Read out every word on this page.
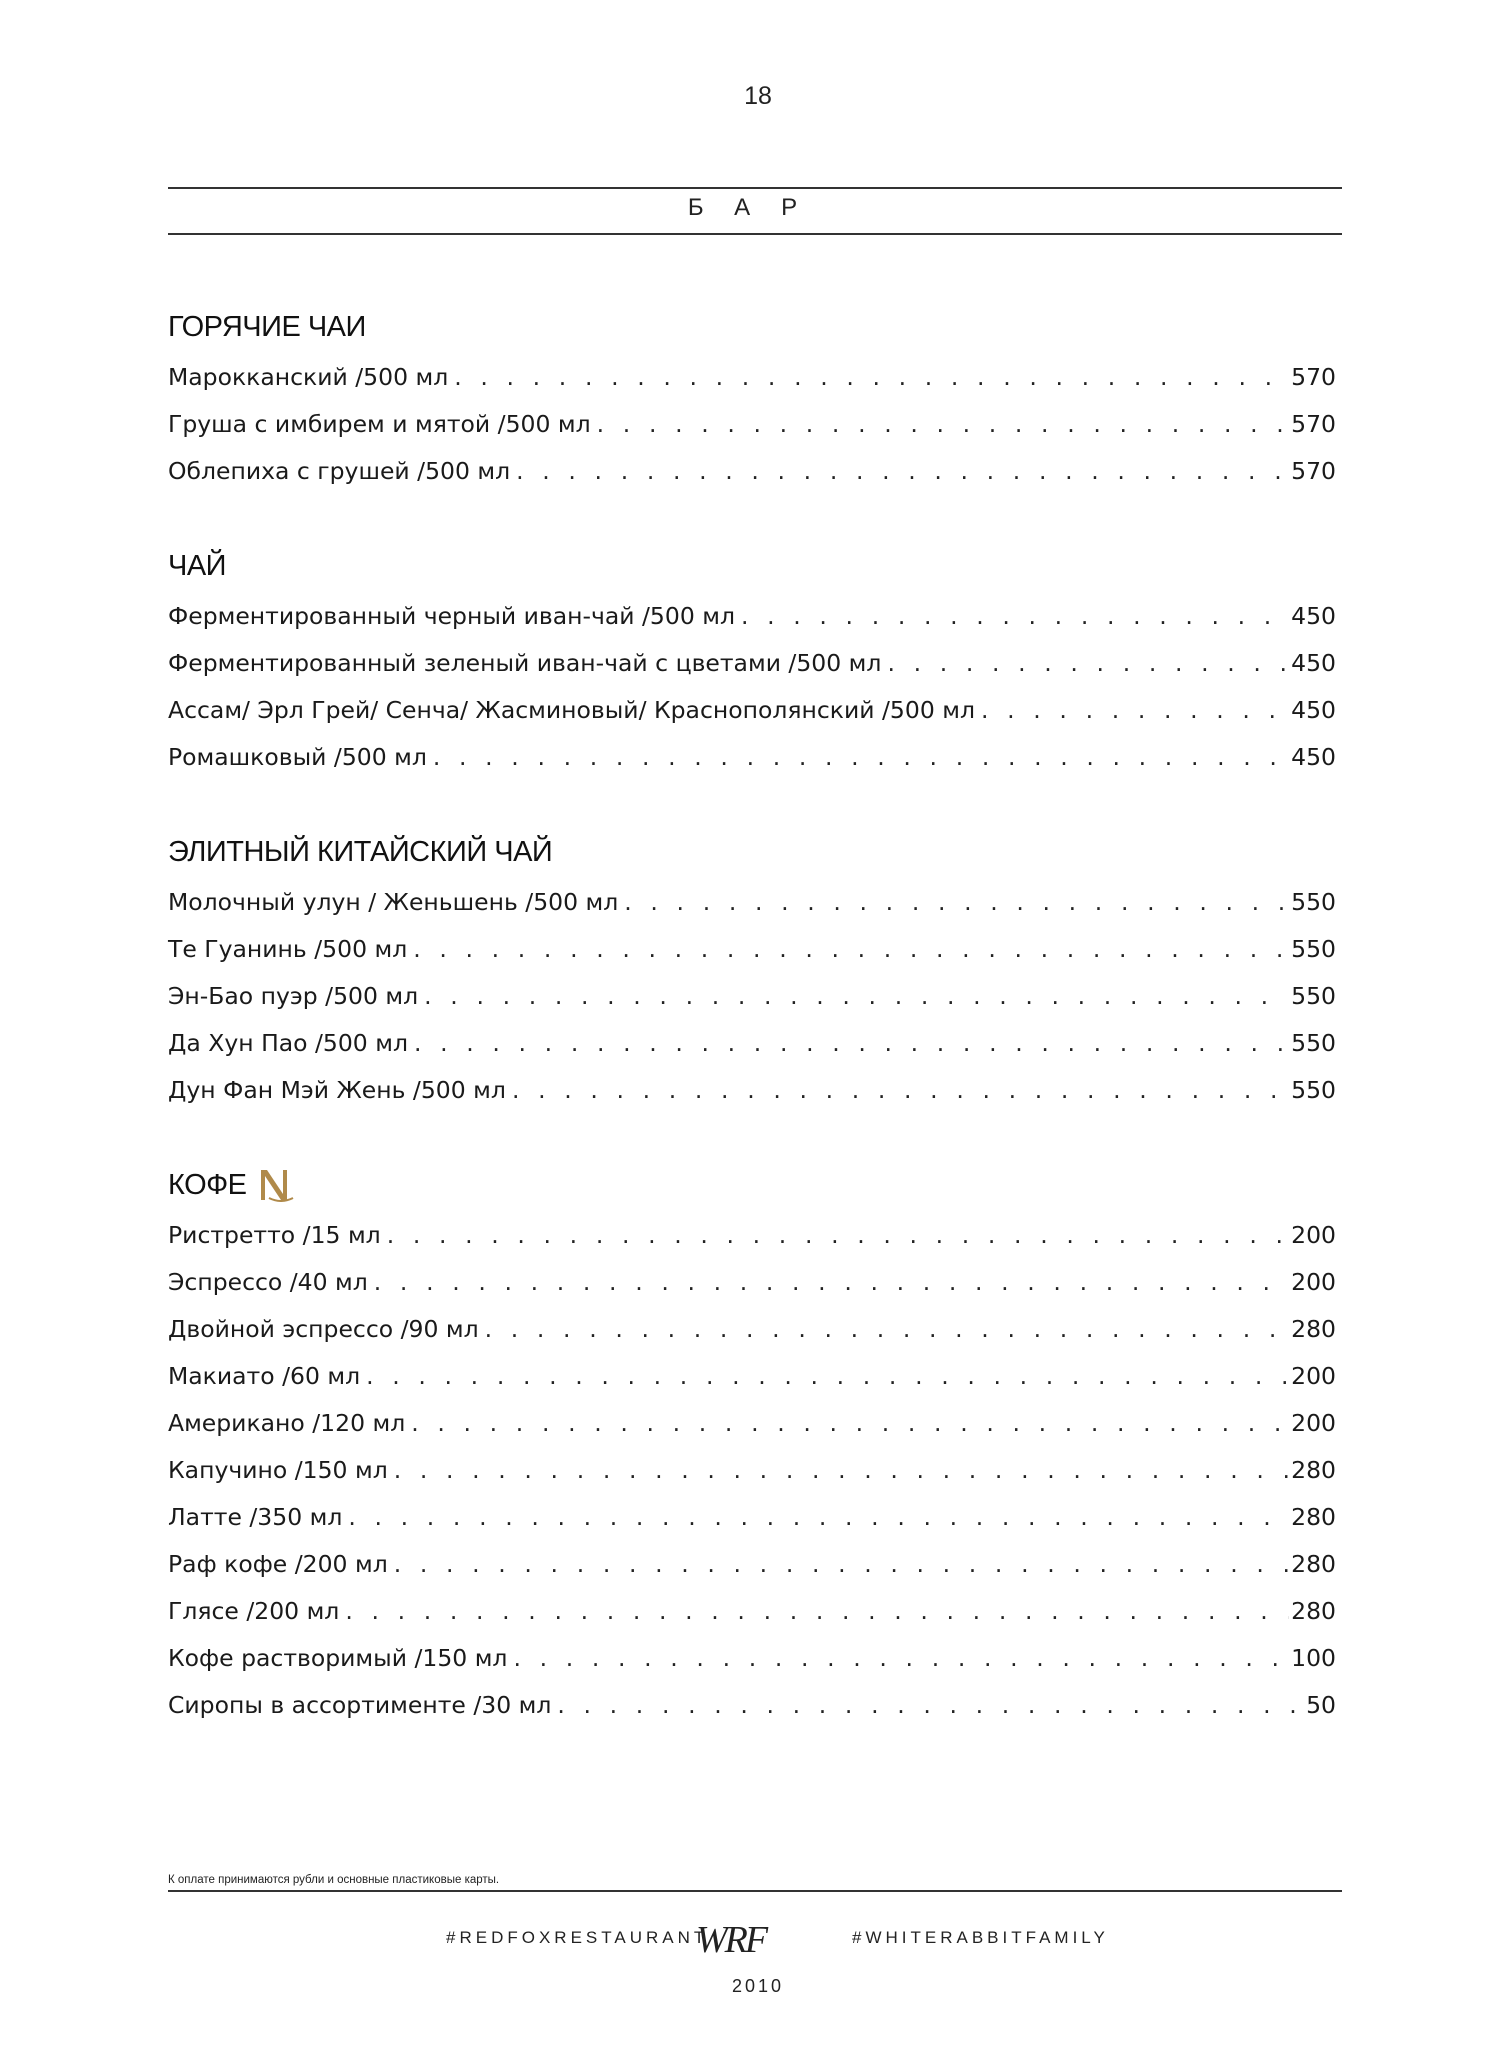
18
БАР
ГОРЯЧИЕ ЧАИ
Марокканский /500 мл . . .	570
Груша с имбирем и мятой /500 мл . . .	570
Облепиха с грушей /500 мл . . .	570
ЧАЙ
Ферментированный черный иван-чай /500 мл . . .	450
Ферментированный зеленый иван-чай с цветами /500 мл . . .	450
Ассам/ Эрл Грей/ Сенча/ Жасминовый/ Краснополянский /500 мл . . .	450
Ромашковый /500 мл . . .	450
ЭЛИТНЫЙ КИТАЙСКИЙ ЧАЙ
Молочный улун / Женьшень /500 мл . . .	550
Те Гуанинь /500 мл . . .	550
Эн-Бао пуэр /500 мл . . .	550
Да Хун Пао /500 мл . . .	550
Дун Фан Мэй Жень /500 мл . . .	550
КОФЕ
Ристретто /15 мл . . .	200
Эспрессо /40 мл . . .	200
Двойной эспрессо /90 мл . . .	280
Макиато /60 мл . . .	200
Американо /120 мл . . .	200
Капучино /150 мл . . .	280
Латте /350 мл . . .	280
Раф кофе /200 мл . . .	280
Глясе /200 мл . . .	280
Кофе растворимый /150 мл . . .	100
Сиропы в ассортименте /30 мл . . .	50
К оплате принимаются рубли и основные пластиковые карты.
#REDFOXRESTAURANT
WRF	#WHITERABBITFAMILY
2010
